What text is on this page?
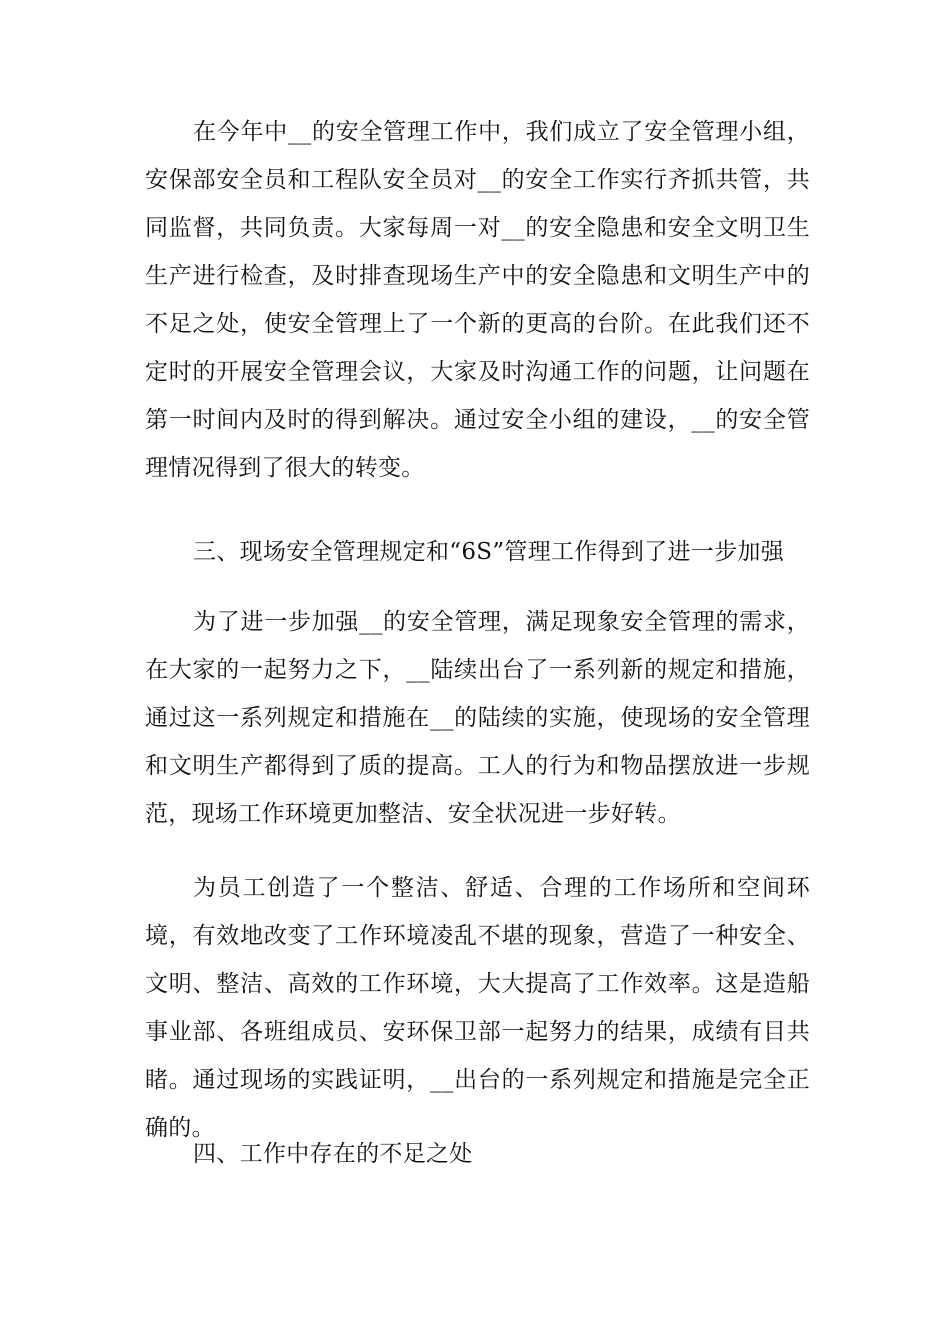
在今年中__的安全管理工作中，我们成立了安全管理小组，安保部安全员和工程队安全员对__的安全工作实行齐抓共管，共同监督，共同负责。大家每周一对__的安全隐患和安全文明卫生生产进行检查，及时排查现场生产中的安全隐患和文明生产中的不足之处，使安全管理上了一个新的更高的台阶。在此我们还不定时的开展安全管理会议，大家及时沟通工作的问题，让问题在第一时间内及时的得到解决。通过安全小组的建设，__的安全管理情况得到了很大的转变。

三、现场安全管理规定和“6S”管理工作得到了进一步加强

为了进一步加强__的安全管理，满足现象安全管理的需求，在大家的一起努力之下，__陆续出台了一系列新的规定和措施，通过这一系列规定和措施在__的陆续的实施，使现场的安全管理和文明生产都得到了质的提高。工人的行为和物品摆放进一步规范，现场工作环境更加整洁、安全状况进一步好转。

为员工创造了一个整洁、舒适、合理的工作场所和空间环境，有效地改变了工作环境凌乱不堪的现象，营造了一种安全、文明、整洁、高效的工作环境，大大提高了工作效率。这是造船事业部、各班组成员、安环保卫部一起努力的结果，成绩有目共睹。通过现场的实践证明，__出台的一系列规定和措施是完全正确的。

四、工作中存在的不足之处
